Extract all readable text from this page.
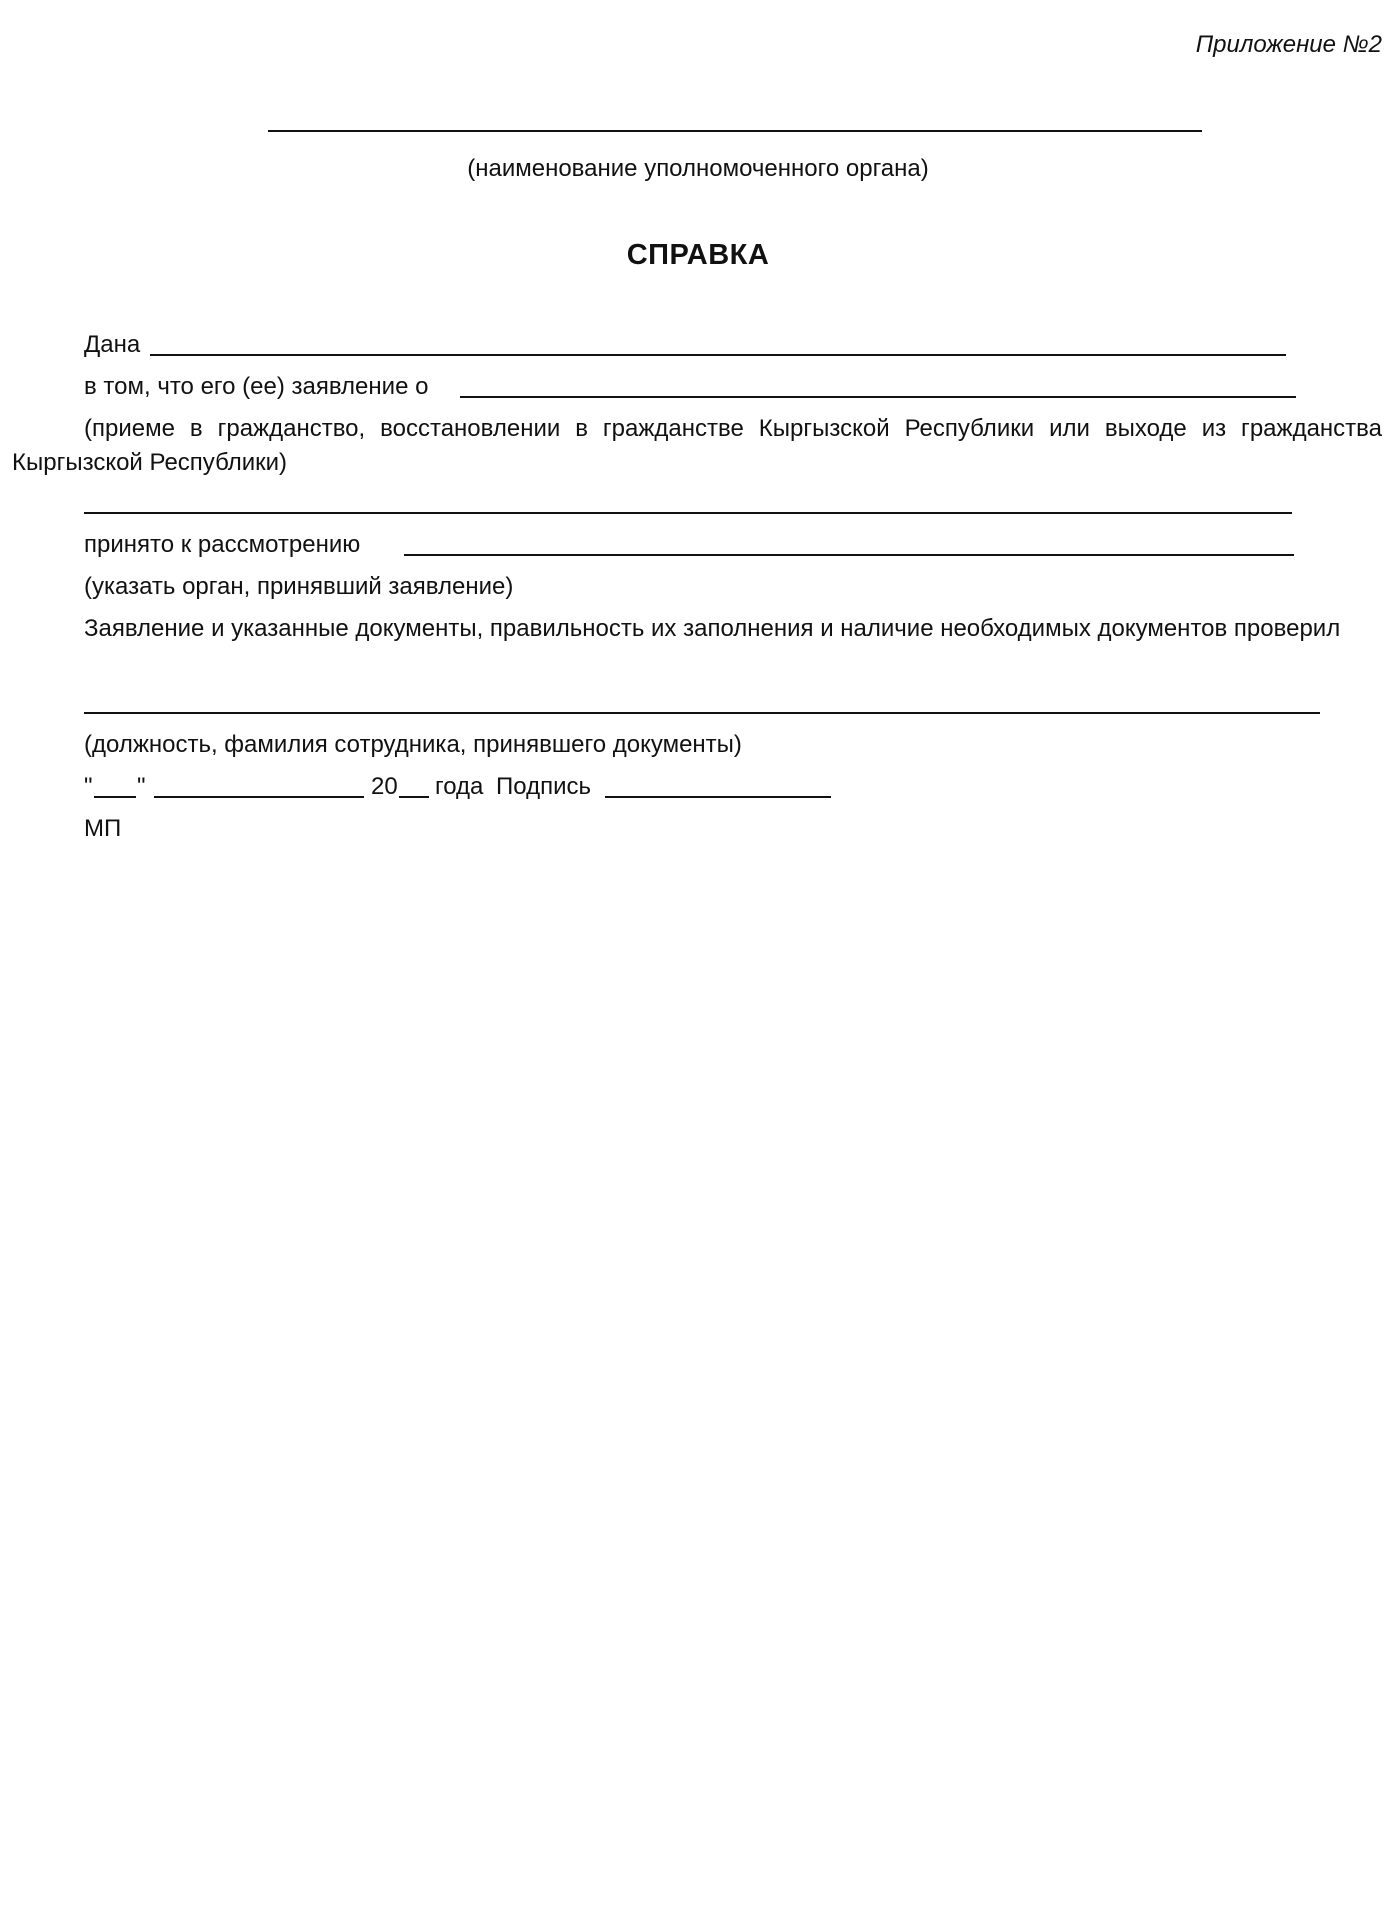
Приложение №2
(наименование уполномоченного органа)
СПРАВКА
Дана
в том, что его (ее) заявление о
(приеме в гражданство, восстановлении в гражданстве Кыргызской Республики или выходе из гражданства Кыргызской Республики)
принято к рассмотрению
(указать орган, принявший заявление)
Заявление и указанные документы, правильность их заполнения и наличие необходимых документов проверил
(должность, фамилия сотрудника, принявшего документы)
" "	20 года Подпись
МП
